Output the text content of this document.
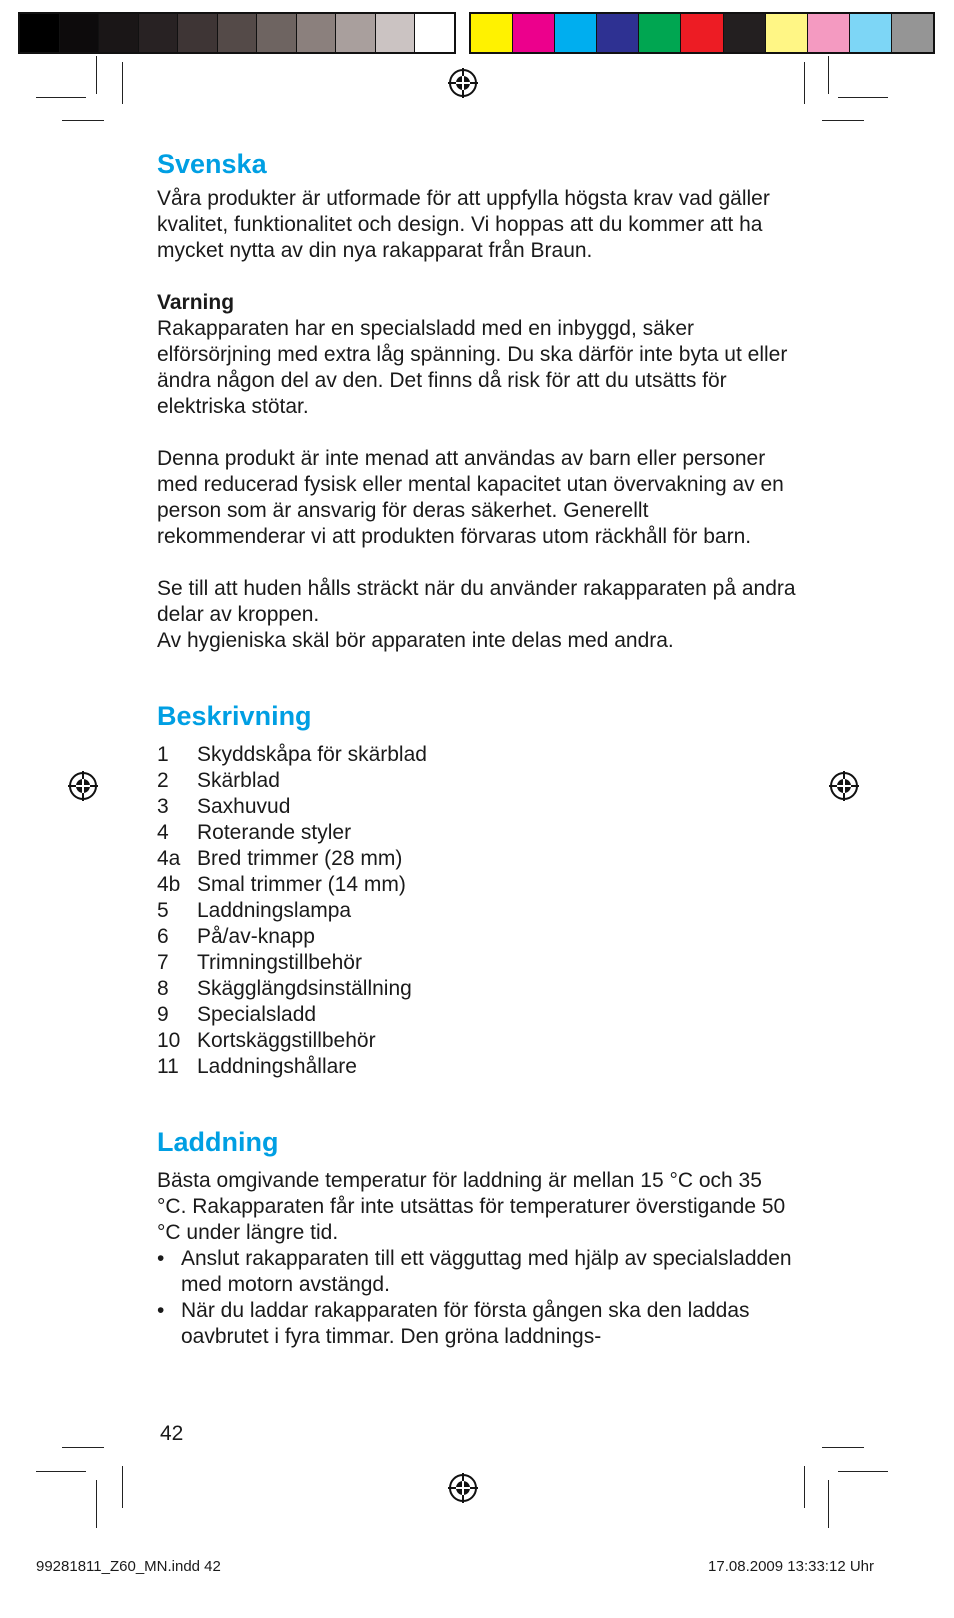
Svenska

Våra produkter är utformade för att uppfylla högsta krav vad gäller kvalitet, funktionalitet och design. Vi hoppas att du kommer att ha mycket nytta av din nya rakapparat från Braun.

Varning

Rakapparaten har en specialsladd med en inbyggd, säker elförsörjning med extra låg spänning. Du ska därför inte byta ut eller ändra någon del av den. Det finns då risk för att du utsätts för elektriska stötar.

Denna produkt är inte menad att användas av barn eller personer med reducerad fysisk eller mental kapacitet utan övervakning av en person som är ansvarig för deras säkerhet. Generellt rekommenderar vi att produkten förvaras utom räckhåll för barn.

Se till att huden hålls sträckt när du använder rakapparaten på andra delar av kroppen.

Av hygieniska skäl bör apparaten inte delas med andra.

Beskrivning
1	Skyddskåpa för skärblad
2	Skärblad
3	Saxhuvud
4	Roterande styler
4a Bred trimmer (28 mm)
4b Smal trimmer (14 mm)
5	Laddningslampa
6	På/av-knapp
7	Trimningstillbehör
8	Skägglängdsinställning
9	Specialsladd
10 Kortskäggstillbehör
11 Laddningshållare
Laddning

Bästa omgivande temperatur för laddning är mellan 15 °C och 35 °C. Rakapparaten får inte utsättas för temperaturer överstigande 50 °C under längre tid.

• Anslut rakapparaten till ett vägguttag med hjälp av specialsladden med motorn avstängd.
• När du laddar rakapparaten för första gången ska den laddas oavbrutet i fyra timmar. Den gröna laddnings-
42
99281811_Z60_MN.indd 42	17.08.2009 13:33:12 Uhr
